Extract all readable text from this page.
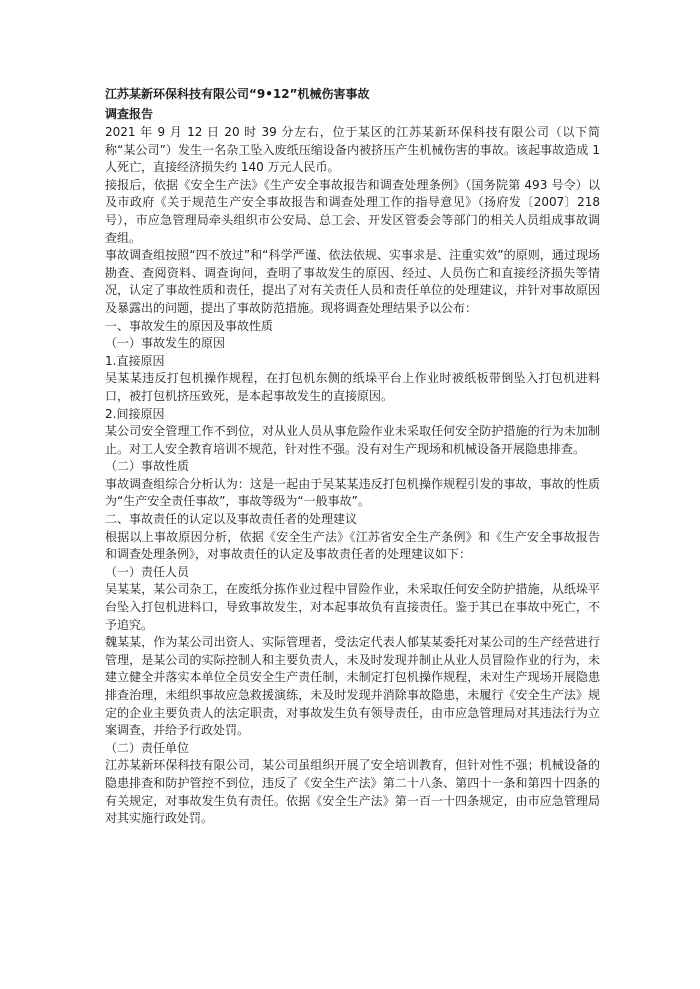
江苏某新环保科技有限公司“9•12”机械伤害事故

调查报告

2021 年 9 月 12 日 20 时 39 分左右，位于某区的江苏某新环保科技有限公司（以下简称“某公司”）发生一名杂工坠入废纸压缩设备内被挤压产生机械伤害的事故。该起事故造成 1 人死亡，直接经济损失约 140 万元人民币。

接报后，依据《安全生产法》《生产安全事故报告和调查处理条例》（国务院第 493 号令）以及市政府《关于规范生产安全事故报告和调查处理工作的指导意见》（扬府发〔2007〕218号），市应急管理局牵头组织市公安局、总工会、开发区管委会等部门的相关人员组成事故调查组。

事故调查组按照“四不放过”和“科学严谨、依法依规、实事求是、注重实效”的原则，通过现场勘查、查阅资料、调查询问，查明了事故发生的原因、经过、人员伤亡和直接经济损失等情况，认定了事故性质和责任，提出了对有关责任人员和责任单位的处理建议，并针对事故原因及暴露出的问题，提出了事故防范措施。现将调查处理结果予以公布：

一、事故发生的原因及事故性质

（一）事故发生的原因

1.直接原因

吴某某违反打包机操作规程，在打包机东侧的纸垛平台上作业时被纸板带倒坠入打包机进料口，被打包机挤压致死，是本起事故发生的直接原因。

2.间接原因

某公司安全管理工作不到位，对从业人员从事危险作业未采取任何安全防护措施的行为未加制止。对工人安全教育培训不规范，针对性不强。没有对生产现场和机械设备开展隐患排查。

（二）事故性质

事故调查组综合分析认为：这是一起由于吴某某违反打包机操作规程引发的事故，事故的性质为“生产安全责任事故”，事故等级为“一般事故”。

二、事故责任的认定以及事故责任者的处理建议

根据以上事故原因分析，依据《安全生产法》《江苏省安全生产条例》和《生产安全事故报告和调查处理条例》，对事故责任的认定及事故责任者的处理建议如下：

（一）责任人员

吴某某，某公司杂工，在废纸分拣作业过程中冒险作业，未采取任何安全防护措施，从纸垛平台坠入打包机进料口，导致事故发生，对本起事故负有直接责任。鉴于其已在事故中死亡，不予追究。

魏某某，作为某公司出资人、实际管理者，受法定代表人郁某某委托对某公司的生产经营进行管理，是某公司的实际控制人和主要负责人，未及时发现并制止从业人员冒险作业的行为，未建立健全并落实本单位全员安全生产责任制，未制定打包机操作规程，未对生产现场开展隐患排查治理，未组织事故应急救援演练，未及时发现并消除事故隐患，未履行《安全生产法》规定的企业主要负责人的法定职责，对事故发生负有领导责任，由市应急管理局对其违法行为立案调查，并给予行政处罚。

（二）责任单位

江苏某新环保科技有限公司，某公司虽组织开展了安全培训教育，但针对性不强；机械设备的隐患排查和防护管控不到位，违反了《安全生产法》第二十八条、第四十一条和第四十四条的有关规定，对事故发生负有责任。依据《安全生产法》第一百一十四条规定，由市应急管理局对其实施行政处罚。
